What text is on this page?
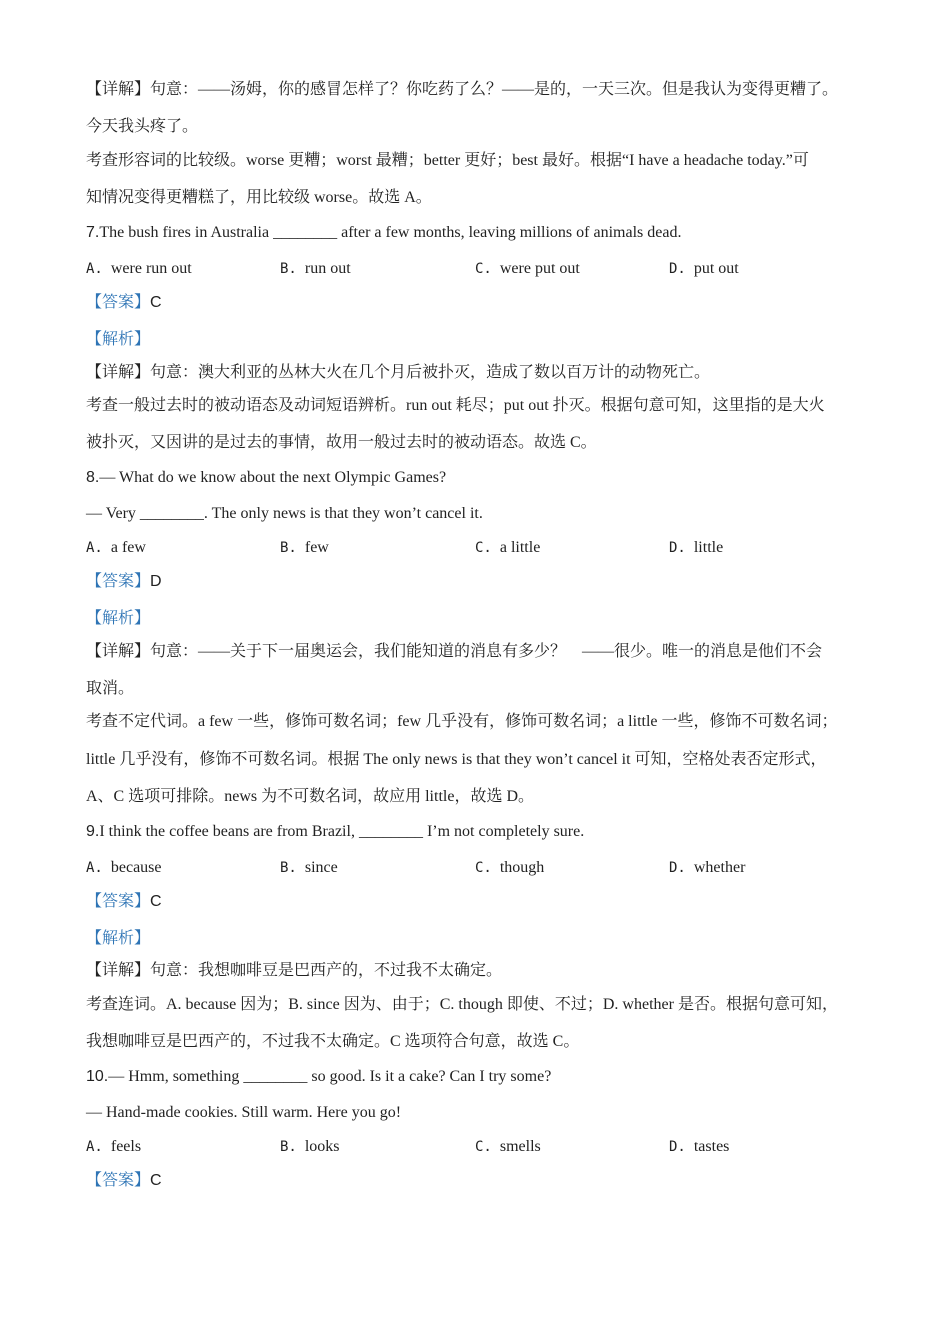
【详解】句意：——汤姆，你的感冒怎样了？你吃药了么？——是的，一天三次。但是我认为变得更糟了。
今天我头疼了。
考查形容词的比较级。worse 更糟；worst 最糟；better 更好；best 最好。根据“I have a headache today.”可
知情况变得更糟糕了，用比较级 worse。故选 A。
7.The bush fires in Australia ________ after a few months, leaving millions of animals dead.
A. were run out	B. run out	C. were put out	D. put out
【答案】C
【解析】
【详解】句意：澳大利亚的丛林大火在几个月后被扑灭，造成了数以百万计的动物死亡。
考查一般过去时的被动语态及动词短语辨析。run out 耗尽；put out 扑灭。根据句意可知，这里指的是大火
被扑灭，又因讲的是过去的事情，故用一般过去时的被动语态。故选 C。
8.— What do we know about the next Olympic Games?
— Very ________. The only news is that they won’t cancel it.
A. a few	B. few	C. a little	D. little
【答案】D
【解析】
【详解】句意：——关于下一届奥运会，我们能知道的消息有多少？　——很少。唯一的消息是他们不会
取消。
考查不定代词。a few 一些，修饰可数名词；few 几乎没有，修饰可数名词；a little 一些，修饰不可数名词；
little 几乎没有，修饰不可数名词。根据 The only news is that they won’t cancel it 可知，空格处表否定形式，
A、C 选项可排除。news 为不可数名词，故应用 little，故选 D。
9.I think the coffee beans are from Brazil, ________ I’m not completely sure.
A. because	B. since	C. though	D. whether
【答案】C
【解析】
【详解】句意：我想咖啡豆是巴西产的，不过我不太确定。
考查连词。A. because 因为；B. since 因为、由于；C. though 即使、不过；D. whether 是否。根据句意可知，
我想咖啡豆是巴西产的，不过我不太确定。C 选项符合句意，故选 C。
10.— Hmm, something ________ so good. Is it a cake? Can I try some?
— Hand-made cookies. Still warm. Here you go!
A. feels	B. looks	C. smells	D. tastes
【答案】C
